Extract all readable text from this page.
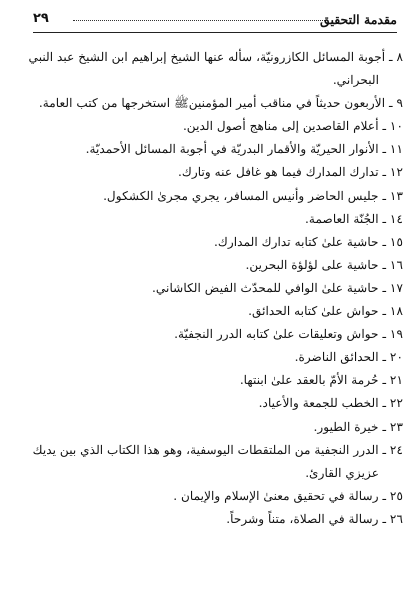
مقدمة التحقيق
٢٩
٨ ـ أجوبة المسائل الكازرونيّة، سأله عنها الشيخ إبراهيم ابن الشيخ عبد النبي
البحراني.
٩ ـ الأربعون حديثاً في مناقب أمير المؤمنين‎ﷺ استخرجها من كتب العامة.
١٠ ـ أعلام القاصدين إلى مناهج أصول الدين.
١١ ـ الأنوار الحيريّة والأقمار البدريّة في أجوبة المسائل الأحمديّة.
١٢ ـ تدارك المدارك فيما هو غافل عنه وتارك.
١٣ ـ جليس الحاضر وأنيس المسافر، يجري مجرىٰ الكشكول.
١٤ ـ الجُنّة العاصمة.
١٥ ـ حاشية علىٰ كتابه تدارك المدارك.
١٦ ـ حاشية على لؤلؤة البحرين.
١٧ ـ حاشية علىٰ الوافي للمحدّث الفيض الكاشاني.
١٨ ـ حواش علىٰ كتابه الحدائق.
١٩ ـ حواش وتعليقات علىٰ كتابه الدرر النجفيّة.
٢٠ ـ الحدائق الناضرة.
٢١ ـ حُرمة الأمّ بالعقد علىٰ ابنتها.
٢٢ ـ الخطب للجمعة والأعياد.
٢٣ ـ خيرة الطيور.
٢٤ ـ الدرر النجفية من الملتقطات اليوسفية، وهو هذا الكتاب الذي بين يديك
عزيزي القارئ.
٢٥ ـ رسالة في تحقيق معنىٰ الإسلام والإيمان .
٢٦ ـ رسالة في الصلاة، متناً وشرحاً.
